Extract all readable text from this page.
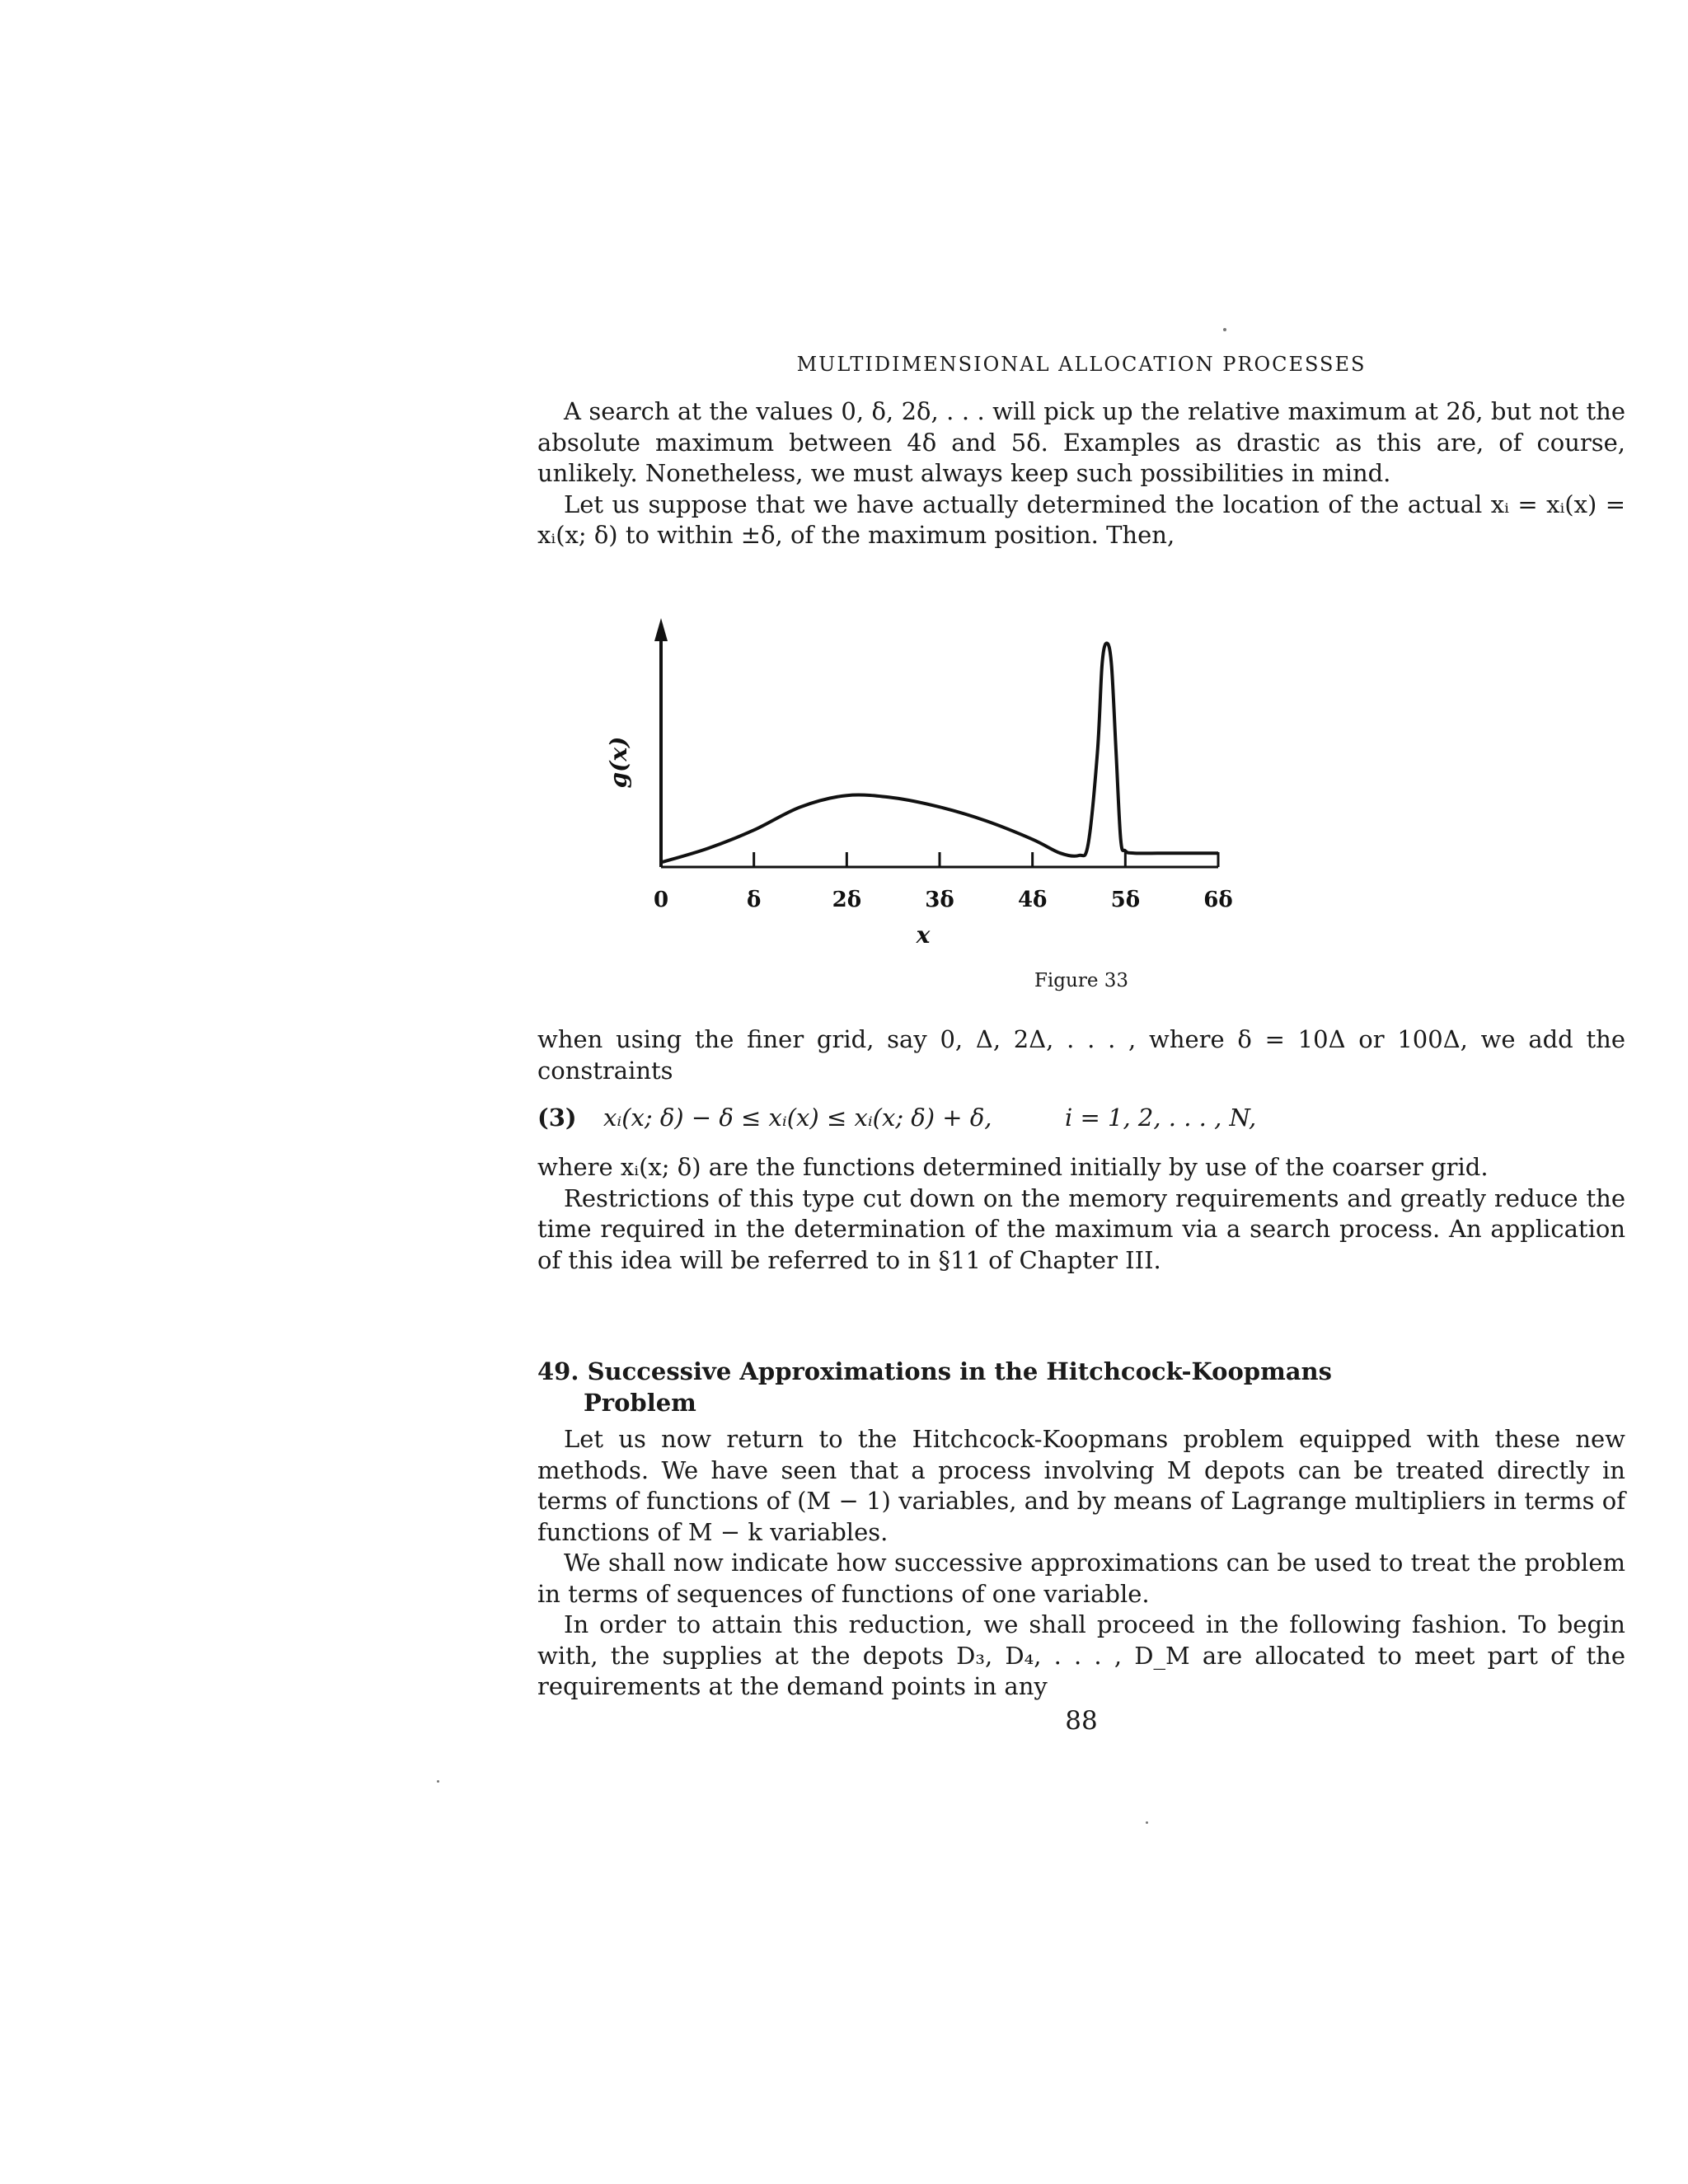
MULTIDIMENSIONAL ALLOCATION PROCESSES

A search at the values 0, δ, 2δ, . . . will pick up the relative maximum at 2δ, but not the absolute maximum between 4δ and 5δ. Examples as drastic as this are, of course, unlikely. Nonetheless, we must always keep such possibilities in mind.

Let us suppose that we have actually determined the location of the actual xᵢ = xᵢ(x) = xᵢ(x; δ) to within ±δ, of the maximum position. Then,

0	δ	2δ	3δ	4δ	5δ	6δ
x
g(x)
Figure 33

when using the finer grid, say 0, Δ, 2Δ, . . . , where δ = 10Δ or 100Δ, we add the constraints

(3) xᵢ(x; δ) − δ ≤ xᵢ(x) ≤ xᵢ(x; δ) + δ,	i = 1, 2, . . . , N,

where xᵢ(x; δ) are the functions determined initially by use of the coarser grid.

Restrictions of this type cut down on the memory requirements and greatly reduce the time required in the determination of the maximum via a search process. An application of this idea will be referred to in §11 of Chapter III.

49. Successive Approximations in the Hitchcock-Koopmans
Problem

Let us now return to the Hitchcock-Koopmans problem equipped with these new methods. We have seen that a process involving M depots can be treated directly in terms of functions of (M − 1) variables, and by means of Lagrange multipliers in terms of functions of M − k variables.

We shall now indicate how successive approximations can be used to treat the problem in terms of sequences of functions of one variable.

In order to attain this reduction, we shall proceed in the following fashion. To begin with, the supplies at the depots D₃, D₄, . . . , D_M are allocated to meet part of the requirements at the demand points in any

88
